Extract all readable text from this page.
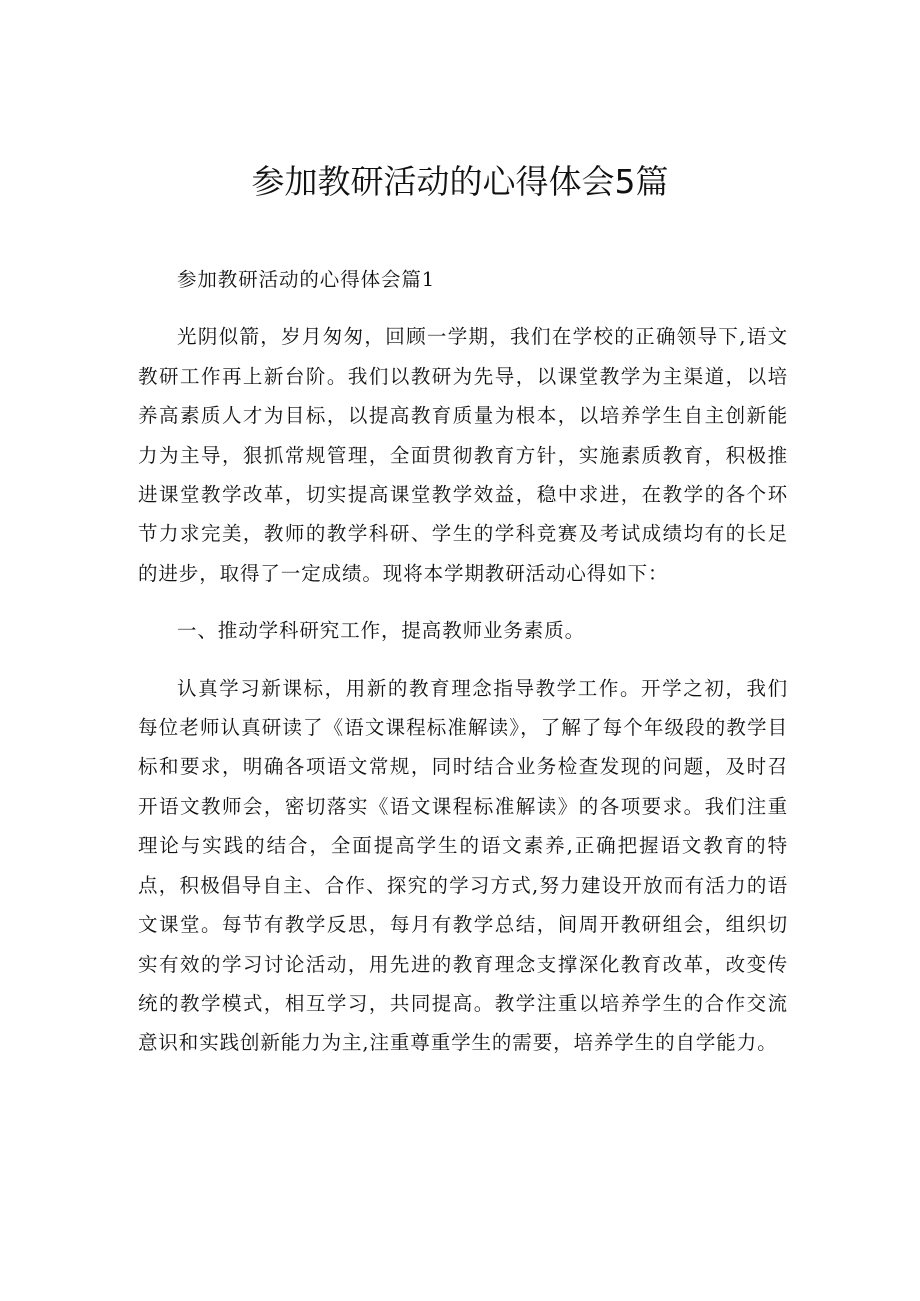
参加教研活动的心得体会5篇

参加教研活动的心得体会篇1

光阴似箭，岁月匆匆，回顾一学期，我们在学校的正确领导下,语文教研工作再上新台阶。我们以教研为先导，以课堂教学为主渠道，以培养高素质人才为目标，以提高教育质量为根本，以培养学生自主创新能力为主导，狠抓常规管理，全面贯彻教育方针，实施素质教育，积极推进课堂教学改革，切实提高课堂教学效益，稳中求进，在教学的各个环节力求完美，教师的教学科研、学生的学科竞赛及考试成绩均有的长足的进步，取得了一定成绩。现将本学期教研活动心得如下：

一、推动学科研究工作，提高教师业务素质。

认真学习新课标，用新的教育理念指导教学工作。开学之初，我们每位老师认真研读了《语文课程标准解读》，了解了每个年级段的教学目标和要求，明确各项语文常规，同时结合业务检查发现的问题，及时召开语文教师会，密切落实《语文课程标准解读》的各项要求。我们注重理论与实践的结合，全面提高学生的语文素养,正确把握语文教育的特点，积极倡导自主、合作、探究的学习方式,努力建设开放而有活力的语文课堂。每节有教学反思，每月有教学总结，间周开教研组会，组织切实有效的学习讨论活动，用先进的教育理念支撑深化教育改革，改变传统的教学模式，相互学习，共同提高。教学注重以培养学生的合作交流意识和实践创新能力为主,注重尊重学生的需要，培养学生的自学能力。
